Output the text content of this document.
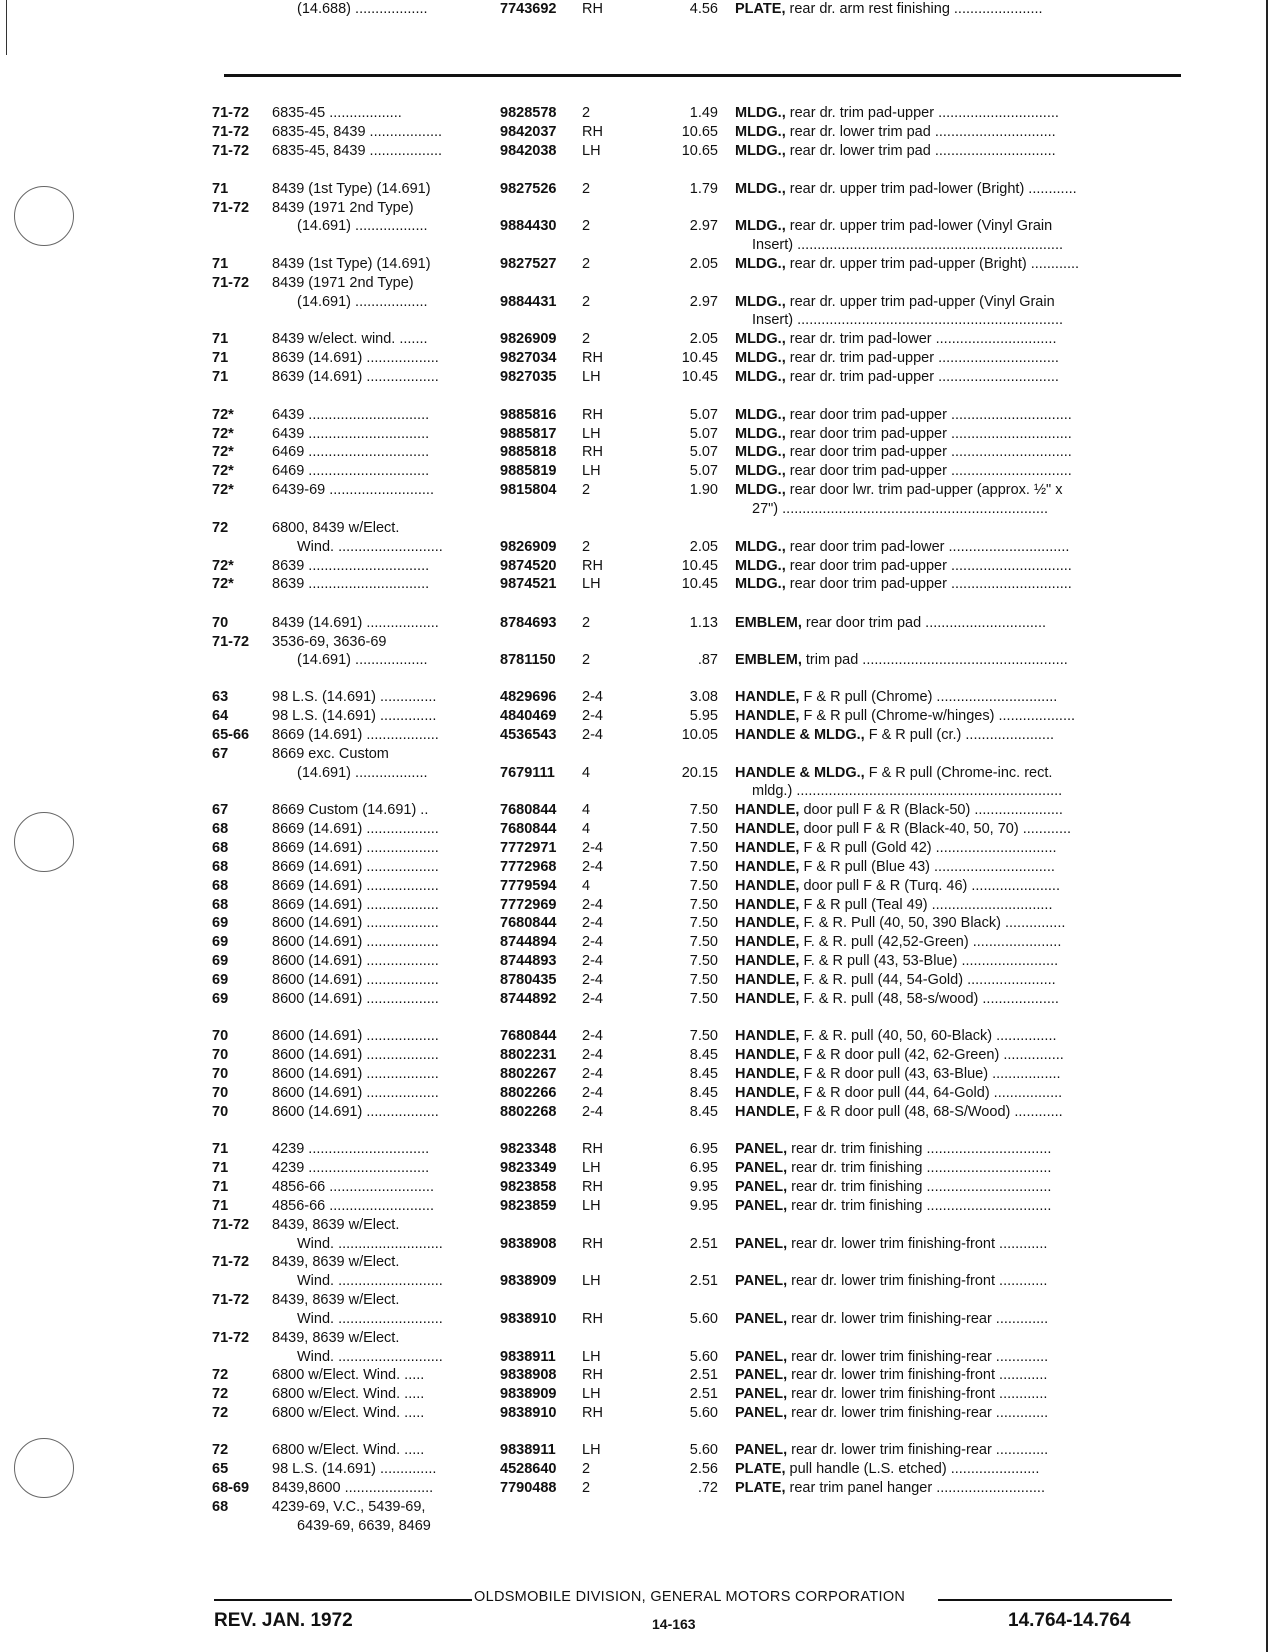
71-72 6835-45 ..................	9828578 2	1.49 MLDG., rear dr. trim pad-upper ..............................
71-72 6835-45, 8439 ..................	9842037 RH	10.65 MLDG., rear dr. lower trim pad ..............................
71-72 6835-45, 8439 ..................	9842038 LH	10.65 MLDG., rear dr. lower trim pad ..............................
71	8439 (1st Type) (14.691)	9827526 2	1.79 MLDG., rear dr. upper trim pad-lower (Bright) ............
71-72 8439 (1971 2nd Type)
(14.691) ..................	9884430 2	2.97 MLDG., rear dr. upper trim pad-lower (Vinyl Grain
Insert) ..................................................................
71	8439 (1st Type) (14.691)	9827527 2	2.05 MLDG., rear dr. upper trim pad-upper (Bright) ............
71-72 8439 (1971 2nd Type)
(14.691) ..................	9884431 2	2.97 MLDG., rear dr. upper trim pad-upper (Vinyl Grain
Insert) ..................................................................
71	8439 w/elect. wind. .......	9826909 2	2.05 MLDG., rear dr. trim pad-lower ..............................
71	8639 (14.691) ..................	9827034 RH	10.45 MLDG., rear dr. trim pad-upper ..............................
71	8639 (14.691) ..................	9827035 LH	10.45 MLDG., rear dr. trim pad-upper ..............................
72*	6439 ..............................	9885816 RH	5.07 MLDG., rear door trim pad-upper ..............................
72*	6439 ..............................	9885817 LH	5.07 MLDG., rear door trim pad-upper ..............................
72*	6469 ..............................	9885818 RH	5.07 MLDG., rear door trim pad-upper ..............................
72*	6469 ..............................	9885819 LH	5.07 MLDG., rear door trim pad-upper ..............................
72*	6439-69 ..........................	9815804 2	1.90 MLDG., rear door lwr. trim pad-upper (approx. ½" x
27") ..................................................................
72	6800, 8439 w/Elect.
Wind. ..........................	9826909 2	2.05 MLDG., rear door trim pad-lower ..............................
72*	8639 ..............................	9874520 RH	10.45 MLDG., rear door trim pad-upper ..............................
72*	8639 ..............................	9874521 LH	10.45 MLDG., rear door trim pad-upper ..............................
70	8439 (14.691) ..................	8784693 2	1.13 EMBLEM, rear door trim pad ..............................
71-72 3536-69, 3636-69
(14.691) ..................	8781150 2	.87 EMBLEM, trim pad ...................................................
63	98 L.S. (14.691) ..............	4829696 2-4	3.08 HANDLE, F & R pull (Chrome) ..............................
64	98 L.S. (14.691) ..............	4840469 2-4	5.95 HANDLE, F & R pull (Chrome-w/hinges) ...................
65-66 8669 (14.691) ..................	4536543 2-4	10.05 HANDLE & MLDG., F & R pull (cr.) ......................
67	8669 exc. Custom
(14.691) ..................	7679111 4	20.15 HANDLE & MLDG., F & R pull (Chrome-inc. rect.
mldg.) ..................................................................
67	8669 Custom (14.691) ..	7680844 4	7.50 HANDLE, door pull F & R (Black-50) ......................
68	8669 (14.691) ..................	7680844 4	7.50 HANDLE, door pull F & R (Black-40, 50, 70) ............
68	8669 (14.691) ..................	7772971 2-4	7.50 HANDLE, F & R pull (Gold 42) ..............................
68	8669 (14.691) ..................	7772968 2-4	7.50 HANDLE, F & R pull (Blue 43) ..............................
68	8669 (14.691) ..................	7779594 4	7.50 HANDLE, door pull F & R (Turq. 46) ......................
68	8669 (14.691) ..................	7772969 2-4	7.50 HANDLE, F & R pull (Teal 49) ..............................
69	8600 (14.691) ..................	7680844 2-4	7.50 HANDLE, F. & R. Pull (40, 50, 390 Black) ...............
69	8600 (14.691) ..................	8744894 2-4	7.50 HANDLE, F. & R. pull (42,52-Green) ......................
69	8600 (14.691) ..................	8744893 2-4	7.50 HANDLE, F. & R pull (43, 53-Blue) ........................
69	8600 (14.691) ..................	8780435 2-4	7.50 HANDLE, F. & R. pull (44, 54-Gold) ......................
69	8600 (14.691) ..................	8744892 2-4	7.50 HANDLE, F. & R. pull (48, 58-s/wood) ...................
70	8600 (14.691) ..................	7680844 2-4	7.50 HANDLE, F. & R. pull (40, 50, 60-Black) ...............
70	8600 (14.691) ..................	8802231 2-4	8.45 HANDLE, F & R door pull (42, 62-Green) ...............
70	8600 (14.691) ..................	8802267 2-4	8.45 HANDLE, F & R door pull (43, 63-Blue) .................
70	8600 (14.691) ..................	8802266 2-4	8.45 HANDLE, F & R door pull (44, 64-Gold) .................
70	8600 (14.691) ..................	8802268 2-4	8.45 HANDLE, F & R door pull (48, 68-S/Wood) ............
71	4239 ..............................	9823348 RH	6.95 PANEL, rear dr. trim finishing ...............................
71	4239 ..............................	9823349 LH	6.95 PANEL, rear dr. trim finishing ...............................
71	4856-66 ..........................	9823858 RH	9.95 PANEL, rear dr. trim finishing ...............................
71	4856-66 ..........................	9823859 LH	9.95 PANEL, rear dr. trim finishing ...............................
71-72 8439, 8639 w/Elect.
Wind. ..........................	9838908 RH	2.51 PANEL, rear dr. lower trim finishing-front ............
71-72 8439, 8639 w/Elect.
Wind. ..........................	9838909 LH	2.51 PANEL, rear dr. lower trim finishing-front ............
71-72 8439, 8639 w/Elect.
Wind. ..........................	9838910 RH	5.60 PANEL, rear dr. lower trim finishing-rear .............
71-72 8439, 8639 w/Elect.
Wind. ..........................	9838911 LH	5.60 PANEL, rear dr. lower trim finishing-rear .............
72	6800 w/Elect. Wind. .....	9838908 RH	2.51 PANEL, rear dr. lower trim finishing-front ............
72	6800 w/Elect. Wind. .....	9838909 LH	2.51 PANEL, rear dr. lower trim finishing-front ............
72	6800 w/Elect. Wind. .....	9838910 RH	5.60 PANEL, rear dr. lower trim finishing-rear .............
72	6800 w/Elect. Wind. .....	9838911 LH	5.60 PANEL, rear dr. lower trim finishing-rear .............
65	98 L.S. (14.691) ..............	4528640 2	2.56 PLATE, pull handle (L.S. etched) ......................
68-69 8439,8600 ......................	7790488 2	.72 PLATE, rear trim panel hanger ...........................
68	4239-69, V.C., 5439-69,
6439-69, 6639, 8469
(14.688) ..................	7743692 RH	4.56 PLATE, rear dr. arm rest finishing ......................
OLDSMOBILE DIVISION, GENERAL MOTORS CORPORATION
REV. JAN. 1972	14-163	14.764-14.764
